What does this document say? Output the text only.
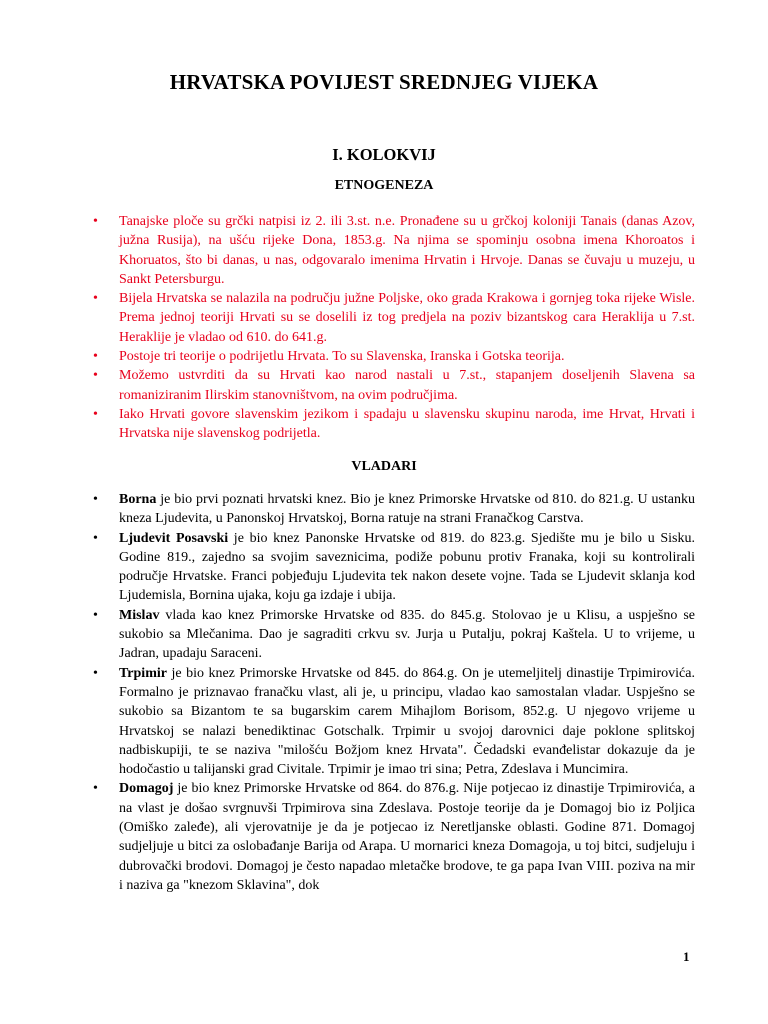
HRVATSKA POVIJEST SREDNJEG VIJEKA
I. KOLOKVIJ
ETNOGENEZA
• Tanajske ploče su grčki natpisi iz 2. ili 3.st. n.e. Pronađene su u grčkoj koloniji Tanais (danas Azov, južna Rusija), na ušću rijeke Dona, 1853.g. Na njima se spominju osobna imena Khoroatos i Khoruatos, što bi danas, u nas, odgovaralo imenima Hrvatin i Hrvoje. Danas se čuvaju u muzeju, u Sankt Petersburgu.
• Bijela Hrvatska se nalazila na području južne Poljske, oko grada Krakowa i gornjeg toka rijeke Wisle. Prema jednoj teoriji Hrvati su se doselili iz tog predjela na poziv bizantskog cara Heraklija u 7.st. Heraklije je vladao od 610. do 641.g.
• Postoje tri teorije o podrijetlu Hrvata. To su Slavenska, Iranska i Gotska teorija.
• Možemo ustvrditi da su Hrvati kao narod nastali u 7.st., stapanjem doseljenih Slavena sa romaniziranim Ilirskim stanovništvom, na ovim područjima.
• Iako Hrvati govore slavenskim jezikom i spadaju u slavensku skupinu naroda, ime Hrvat, Hrvati i Hrvatska nije slavenskog podrijetla.
VLADARI
• Borna je bio prvi poznati hrvatski knez. Bio je knez Primorske Hrvatske od 810. do 821.g. U ustanku kneza Ljudevita, u Panonskoj Hrvatskoj, Borna ratuje na strani Franačkog Carstva.
• Ljudevit Posavski je bio knez Panonske Hrvatske od 819. do 823.g. Sjedište mu je bilo u Sisku. Godine 819., zajedno sa svojim saveznicima, podiže pobunu protiv Franaka, koji su kontrolirali područje Hrvatske. Franci pobjeđuju Ljudevita tek nakon desete vojne. Tada se Ljudevit sklanja kod Ljudemisla, Bornina ujaka, koju ga izdaje i ubija.
• Mislav vlada kao knez Primorske Hrvatske od 835. do 845.g. Stolovao je u Klisu, a uspješno se sukobio sa Mlečanima. Dao je sagraditi crkvu sv. Jurja u Putalju, pokraj Kaštela. U to vrijeme, u Jadran, upadaju Saraceni.
• Trpimir je bio knez Primorske Hrvatske od 845. do 864.g. On je utemeljitelj dinastije Trpimirovića. Formalno je priznavao franačku vlast, ali je, u principu, vladao kao samostalan vladar. Uspješno se sukobio sa Bizantom te sa bugarskim carem Mihajlom Borisom, 852.g. U njegovo vrijeme u Hrvatskoj se nalazi benediktinac Gotschalk. Trpimir u svojoj darovnici daje poklone splitskoj nadbiskupiji, te se naziva "milošću Božjom knez Hrvata". Čedadski evanđelistar dokazuje da je hodočastio u talijanski grad Civitale. Trpimir je imao tri sina; Petra, Zdeslava i Muncimira.
• Domagoj je bio knez Primorske Hrvatske od 864. do 876.g. Nije potjecao iz dinastije Trpimirovića, a na vlast je došao svrgnuvši Trpimirova sina Zdeslava. Postoje teorije da je Domagoj bio iz Poljica (Omiško zaleđe), ali vjerovatnije je da je potjecao iz Neretljanske oblasti. Godine 871. Domagoj sudjeljuje u bitci za oslobađanje Barija od Arapa. U mornarici kneza Domagoja, u toj bitci, sudjeluju i dubrovački brodovi. Domagoj je često napadao mletačke brodove, te ga papa Ivan VIII. poziva na mir i naziva ga "knezom Sklavina", dok
1
